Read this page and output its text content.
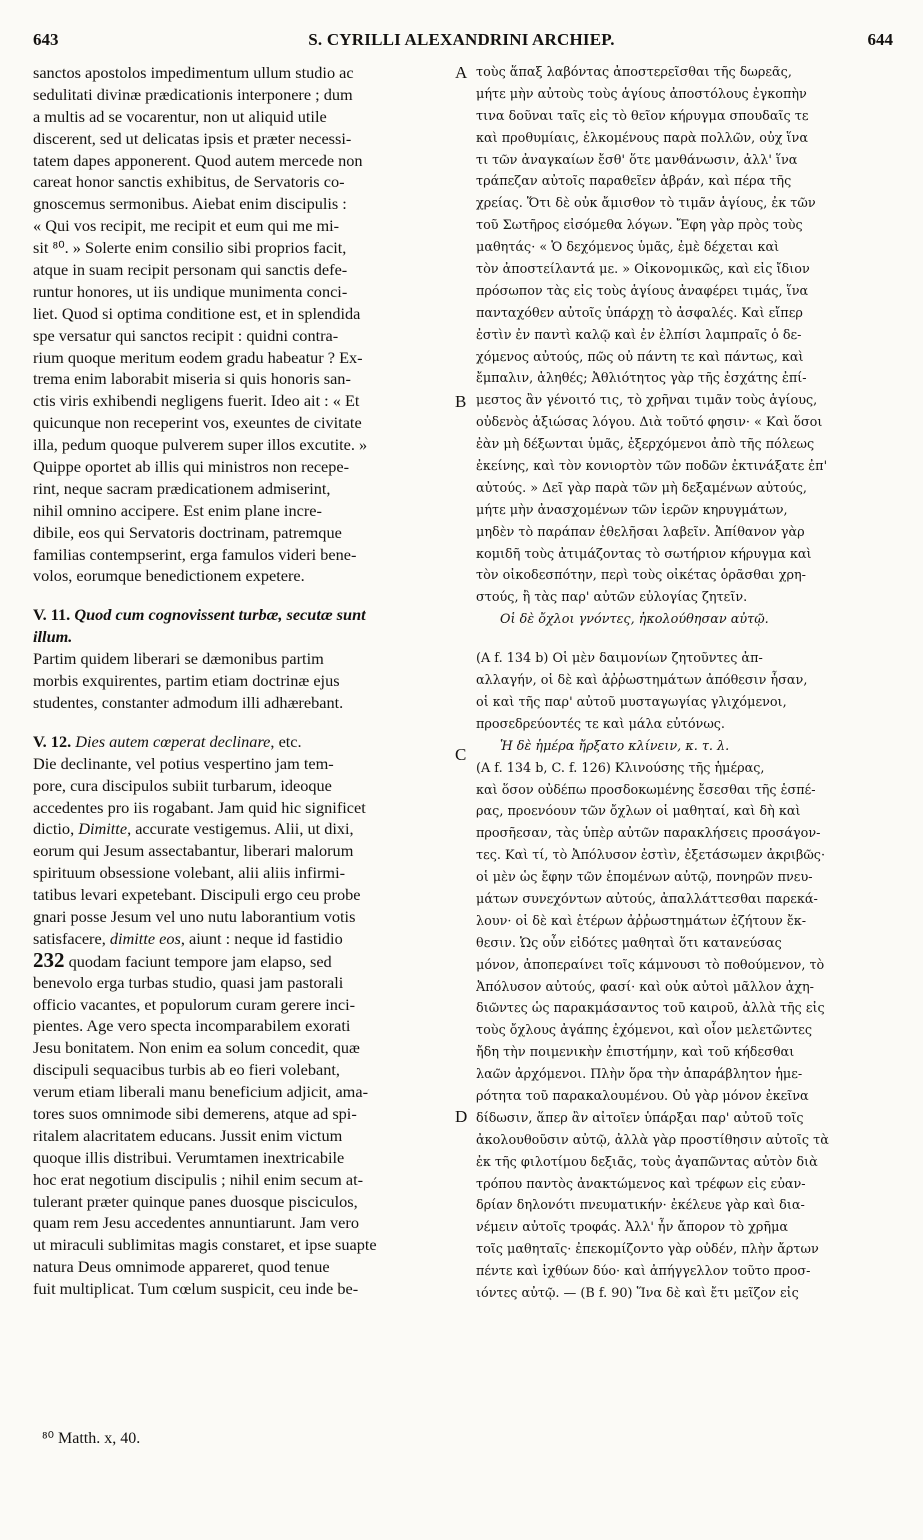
643	S. CYRILLI ALEXANDRINI ARCHIEP.	644
A
B
C
D
sanctos apostolos impedimentum ullum studio ac
sedulitati divinæ prædicationis interponere ; dum
a multis ad se vocarentur, non ut aliquid utile
discerent, sed ut delicatas ipsis et præter necessi-
tatem dapes apponerent. Quod autem mercede non
careat honor sanctis exhibitus, de Servatoris co-
gnoscemus sermonibus. Aiebat enim discipulis :
« Qui vos recipit, me recipit et eum qui me mi-
sit ⁸⁰. » Solerte enim consilio sibi proprios facit,
atque in suam recipit personam qui sanctis defe-
runtur honores, ut iis undique munimenta conci-
liet. Quod si optima conditione est, et in splendida
spe versatur qui sanctos recipit : quidni contra-
rium quoque meritum eodem gradu habeatur ? Ex-
trema enim laborabit miseria si quis honoris san-
ctis viris exhibendi negligens fuerit. Ideo ait : « Et
quicunque non receperint vos, exeuntes de civitate
illa, pedum quoque pulverem super illos excutite. »
Quippe oportet ab illis qui ministros non recepe-
rint, neque sacram prædicationem admiserint,
nihil omnino accipere. Est enim plane incre-
dibile, eos qui Servatoris doctrinam, patremque
familias contempserint, erga famulos videri bene-
volos, eorumque benedictionem expetere.
V. 11. Quod cum cognovissent turbæ, secutæ sunt
illum.
Partim quidem liberari se dæmonibus partim
morbis exquirentes, partim etiam doctrinæ ejus
studentes, constanter admodum illi adhærebant.
V. 12. Dies autem cœperat declinare, etc.
Die declinante, vel potius vespertino jam tem-
pore, cura discipulos subiit turbarum, ideoque
accedentes pro iis rogabant. Jam quid hic significet
dictio, Dimitte, accurate vestigemus. Alii, ut dixi,
eorum qui Jesum assectabantur, liberari malorum
spirituum obsessione volebant, alii aliis infirmi-
tatibus levari expetebant. Discipuli ergo ceu probe
gnari posse Jesum vel uno nutu laborantium votis
satisfacere, dimitte eos, aiunt : neque id fastidio
232 quodam faciunt tempore jam elapso, sed
benevolo erga turbas studio, quasi jam pastorali
officio vacantes, et populorum curam gerere inci-
pientes. Age vero specta incomparabilem exorati
Jesu bonitatem. Non enim ea solum concedit, quæ
discipuli sequacibus turbis ab eo fieri volebant,
verum etiam liberali manu beneficium adjicit, ama-
tores suos omnimode sibi demerens, atque ad spi-
ritalem alacritatem educans. Jussit enim victum
quoque illis distribui. Verumtamen inextricabile
hoc erat negotium discipulis ; nihil enim secum at-
tulerant præter quinque panes duosque pisciculos,
quam rem Jesu accedentes annuntiarunt. Jam vero
ut miraculi sublimitas magis constaret, et ipse suapte
natura Deus omnimode appareret, quod tenue
fuit multiplicat. Tum cœlum suspicit, ceu inde be-
⁸⁰ Matth. x, 40.
τοὺς ἅπαξ λαβόντας ἀποστερεῖσθαι τῆς δωρεᾶς,
μήτε μὴν αὐτοὺς τοὺς ἁγίους ἀποστόλους ἐγκοπὴν
τινα δοῦναι ταῖς εἰς τὸ θεῖον κήρυγμα σπουδαῖς τε
καὶ προθυμίαις, ἑλκομένους παρὰ πολλῶν, οὐχ ἵνα
τι τῶν ἀναγκαίων ἔσθ' ὅτε μανθάνωσιν, ἀλλ' ἵνα
τράπεζαν αὐτοῖς παραθεῖεν ἁβράν, καὶ πέρα τῆς
χρείας. Ὅτι δὲ οὐκ ἄμισθον τὸ τιμᾶν ἁγίους, ἐκ τῶν
τοῦ Σωτῆρος εἰσόμεθα λόγων. Ἔφη γὰρ πρὸς τοὺς
μαθητάς· « Ὁ δεχόμενος ὑμᾶς, ἐμὲ δέχεται καὶ
τὸν ἀποστείλαντά με. » Οἰκονομικῶς, καὶ εἰς ἴδιον
πρόσωπον τὰς εἰς τοὺς ἁγίους ἀναφέρει τιμάς, ἵνα
πανταχόθεν αὐτοῖς ὑπάρχῃ τὸ ἀσφαλές. Καὶ εἴπερ
ἐστὶν ἐν παντὶ καλῷ καὶ ἐν ἐλπίσι λαμπραῖς ὁ δε-
χόμενος αὐτούς, πῶς οὐ πάντη τε καὶ πάντως, καὶ
ἔμπαλιν, ἀληθές; Ἀθλιότητος γὰρ τῆς ἐσχάτης ἐπί-
μεστος ἂν γένοιτό τις, τὸ χρῆναι τιμᾶν τοὺς ἁγίους,
οὐδενὸς ἀξιώσας λόγου. Διὰ τοῦτό φησιν· « Καὶ ὅσοι
ἐὰν μὴ δέξωνται ὑμᾶς, ἐξερχόμενοι ἀπὸ τῆς πόλεως
ἐκείνης, καὶ τὸν κονιορτὸν τῶν ποδῶν ἐκτινάξατε ἐπ'
αὐτούς. » Δεῖ γὰρ παρὰ τῶν μὴ δεξαμένων αὐτούς,
μήτε μὴν ἀνασχομένων τῶν ἱερῶν κηρυγμάτων,
μηδὲν τὸ παράπαν ἐθελῆσαι λαβεῖν. Ἀπίθανον γὰρ
κομιδῆ τοὺς ἀτιμάζοντας τὸ σωτήριον κήρυγμα καὶ
τὸν οἰκοδεσπότην, περὶ τοὺς οἰκέτας ὁρᾶσθαι χρη-
στούς, ἢ τὰς παρ' αὐτῶν εὐλογίας ζητεῖν.
Οἱ δὲ ὄχλοι γνόντες, ἠκολούθησαν αὐτῷ.
(A f. 134 b) Οἱ μὲν δαιμονίων ζητοῦντες ἀπ-
αλλαγήν, οἱ δὲ καὶ ἀῤῥωστημάτων ἀπόθεσιν ἦσαν,
οἱ καὶ τῆς παρ' αὐτοῦ μυσταγωγίας γλιχόμενοι,
προσεδρεύοντές τε καὶ μάλα εὐτόνως.
Ἡ δὲ ἡμέρα ἤρξατο κλίνειν, κ. τ. λ.
(A f. 134 b, C. f. 126) Κλινούσης τῆς ἡμέρας,
καὶ ὅσον οὐδέπω προσδοκωμένης ἔσεσθαι τῆς ἑσπέ-
ρας, προενόουν τῶν ὄχλων οἱ μαθηταί, καὶ δὴ καὶ
προσῆεσαν, τὰς ὑπὲρ αὐτῶν παρακλήσεις προσάγον-
τες. Καὶ τί, τὸ Ἀπόλυσον ἐστὶν, ἐξετάσωμεν ἀκριβῶς·
οἱ μὲν ὡς ἔφην τῶν ἑπομένων αὐτῷ, πονηρῶν πνευ-
μάτων συνεχόντων αὐτούς, ἀπαλλάττεσθαι παρεκά-
λουν· οἱ δὲ καὶ ἑτέρων ἀῤῥωστημάτων ἐζήτουν ἔκ-
θεσιν. Ὡς οὖν εἰδότες μαθηταὶ ὅτι κατανεύσας
μόνον, ἀποπεραίνει τοῖς κάμνουσι τὸ ποθούμενον, τὸ
Ἀπόλυσον αὐτούς, φασί· καὶ οὐκ αὐτοὶ μᾶλλον ἀχη-
διῶντες ὡς παρακμάσαντος τοῦ καιροῦ, ἀλλὰ τῆς εἰς
τοὺς ὄχλους ἀγάπης ἐχόμενοι, καὶ οἷον μελετῶντες
ἤδη τὴν ποιμενικὴν ἐπιστήμην, καὶ τοῦ κήδεσθαι
λαῶν ἀρχόμενοι. Πλὴν ὅρα τὴν ἀπαράβλητον ἡμε-
ρότητα τοῦ παρακαλουμένου. Οὐ γὰρ μόνον ἐκεῖνα
δίδωσιν, ἅπερ ἂν αἰτοῖεν ὑπάρξαι παρ' αὐτοῦ τοῖς
ἀκολουθοῦσιν αὐτῷ, ἀλλὰ γὰρ προστίθησιν αὐτοῖς τὰ
ἐκ τῆς φιλοτίμου δεξιᾶς, τοὺς ἀγαπῶντας αὐτὸν διὰ
τρόπου παντὸς ἀνακτώμενος καὶ τρέφων εἰς εὐαν-
δρίαν δηλονότι πνευματικήν· ἐκέλευε γὰρ καὶ δια-
νέμειν αὐτοῖς τροφάς. Ἀλλ' ἦν ἄπορον τὸ χρῆμα
τοῖς μαθηταῖς· ἐπεκομίζοντο γὰρ οὐδέν, πλὴν ἄρτων
πέντε καὶ ἰχθύων δύο· καὶ ἀπήγγελλον τοῦτο προσ-
ιόντες αὐτῷ. — (B f. 90) Ἵνα δὲ καὶ ἔτι μεῖζον εἰς
